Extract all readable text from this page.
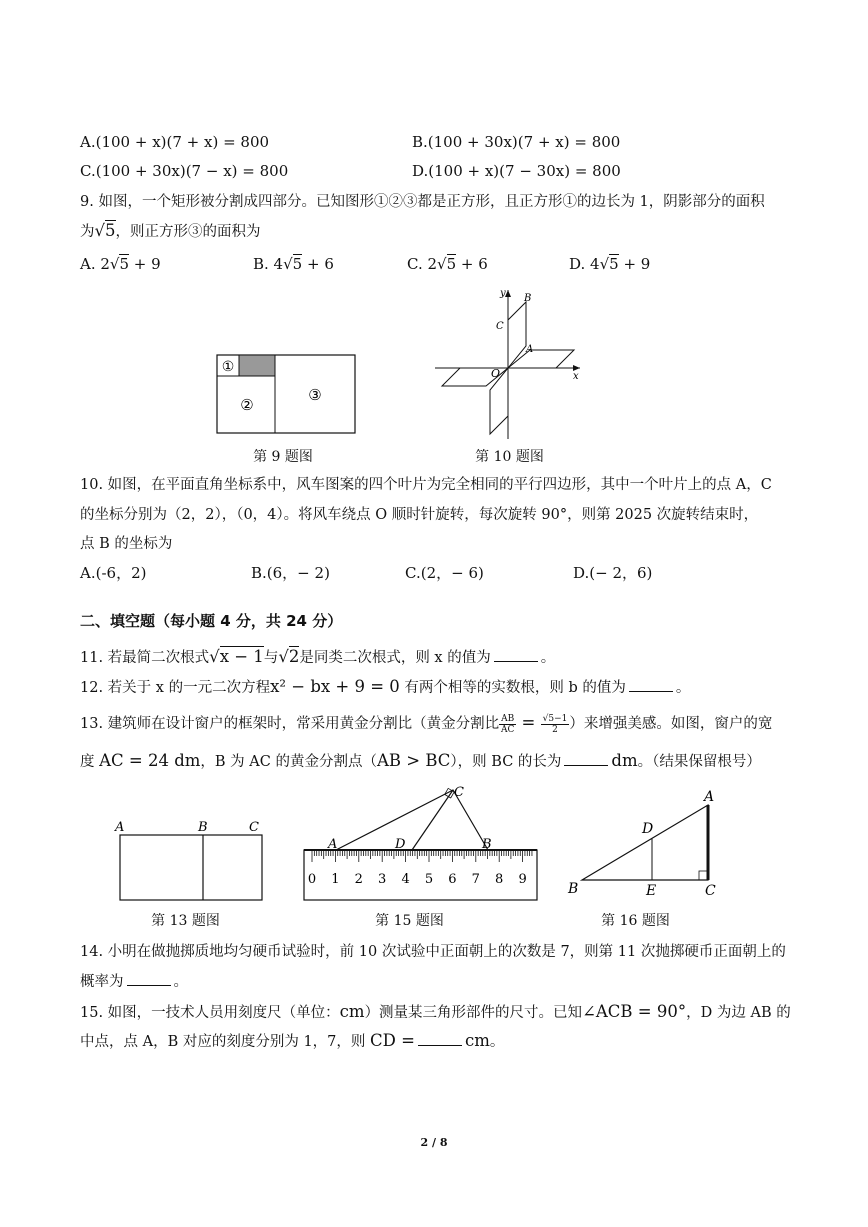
A.(100 + x)(7 + x) = 800	B.(100 + 30x)(7 + x) = 800
C.(100 + 30x)(7 − x) = 800	D.(100 + x)(7 − 30x) = 800
9. 如图，一个矩形被分割成四部分。已知图形①②③都是正方形，且正方形①的边长为 1，阴影部分的面积
为√5，则正方形③的面积为
A. 2√5 + 9	B. 4√5 + 6	C. 2√5 + 6	D. 4√5 + 9
①
②
③
第 9 题图
y
x
O
A
B
C
第 10 题图
10. 如图，在平面直角坐标系中，风车图案的四个叶片为完全相同的平行四边形，其中一个叶片上的点 A，C
的坐标分别为（2，2），（0，4）。将风车绕点 O 顺时针旋转，每次旋转 90°，则第 2025 次旋转结束时，
点 B 的坐标为
A.(-6，2)	B.(6，− 2)	C.(2，− 6)	D.(− 2，6)
二、填空题（每小题 4 分，共 24 分）
11. 若最简二次根式√x − 1与√2是同类二次根式，则 x 的值为	。
12. 若关于 x 的一元二次方程x² − bx + 9 = 0 有两个相等的实数根，则 b 的值为	。
13. 建筑师在设计窗户的框架时，常采用黄金分割比（黄金分割比 $\frac{AB}{AC} = \frac{√5-1}{2}$ ）来增强美感。如图，窗户的宽
度 AC = 24 dm，B 为 AC 的黄金分割点（AB > BC），则 BC 的长为	dm。（结果保留根号）
A	B	C
第 13 题图
0 1 2 3 4 5 6 7 8 9
A	D	B
C
第 15 题图
A
B	C
D
E
第 16 题图
14. 小明在做抛掷质地均匀硬币试验时，前 10 次试验中正面朝上的次数是 7，则第 11 次抛掷硬币正面朝上的
概率为	。
15. 如图，一技术人员用刻度尺（单位：cm）测量某三角形部件的尺寸。已知∠ACB = 90°，D 为边 AB 的
中点，点 A，B 对应的刻度分别为 1，7，则 CD =	cm。
2 / 8
